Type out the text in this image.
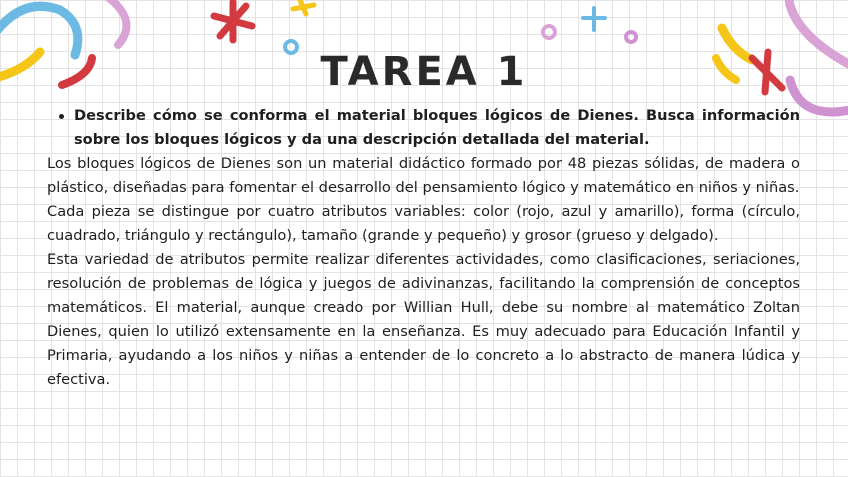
TAREA 1
Describe cómo se conforma el material bloques lógicos de Dienes. Busca información sobre los bloques lógicos y da una descripción detallada del material.

Los bloques lógicos de Dienes son un material didáctico formado por 48 piezas sólidas, de madera o plástico, diseñadas para fomentar el desarrollo del pensamiento lógico y matemático en niños y niñas.

Cada pieza se distingue por cuatro atributos variables: color (rojo, azul y amarillo), forma (círculo, cuadrado, triángulo y rectángulo), tamaño (grande y pequeño) y grosor (grueso y delgado).

Esta variedad de atributos permite realizar diferentes actividades, como clasificaciones, seriaciones, resolución de problemas de lógica y juegos de adivinanzas, facilitando la comprensión de conceptos matemáticos. El material, aunque creado por Willian Hull, debe su nombre al matemático Zoltan Dienes, quien lo utilizó extensamente en la enseñanza. Es muy adecuado para Educación Infantil y Primaria, ayudando a los niños y niñas a entender de lo concreto a lo abstracto de manera lúdica y efectiva.
